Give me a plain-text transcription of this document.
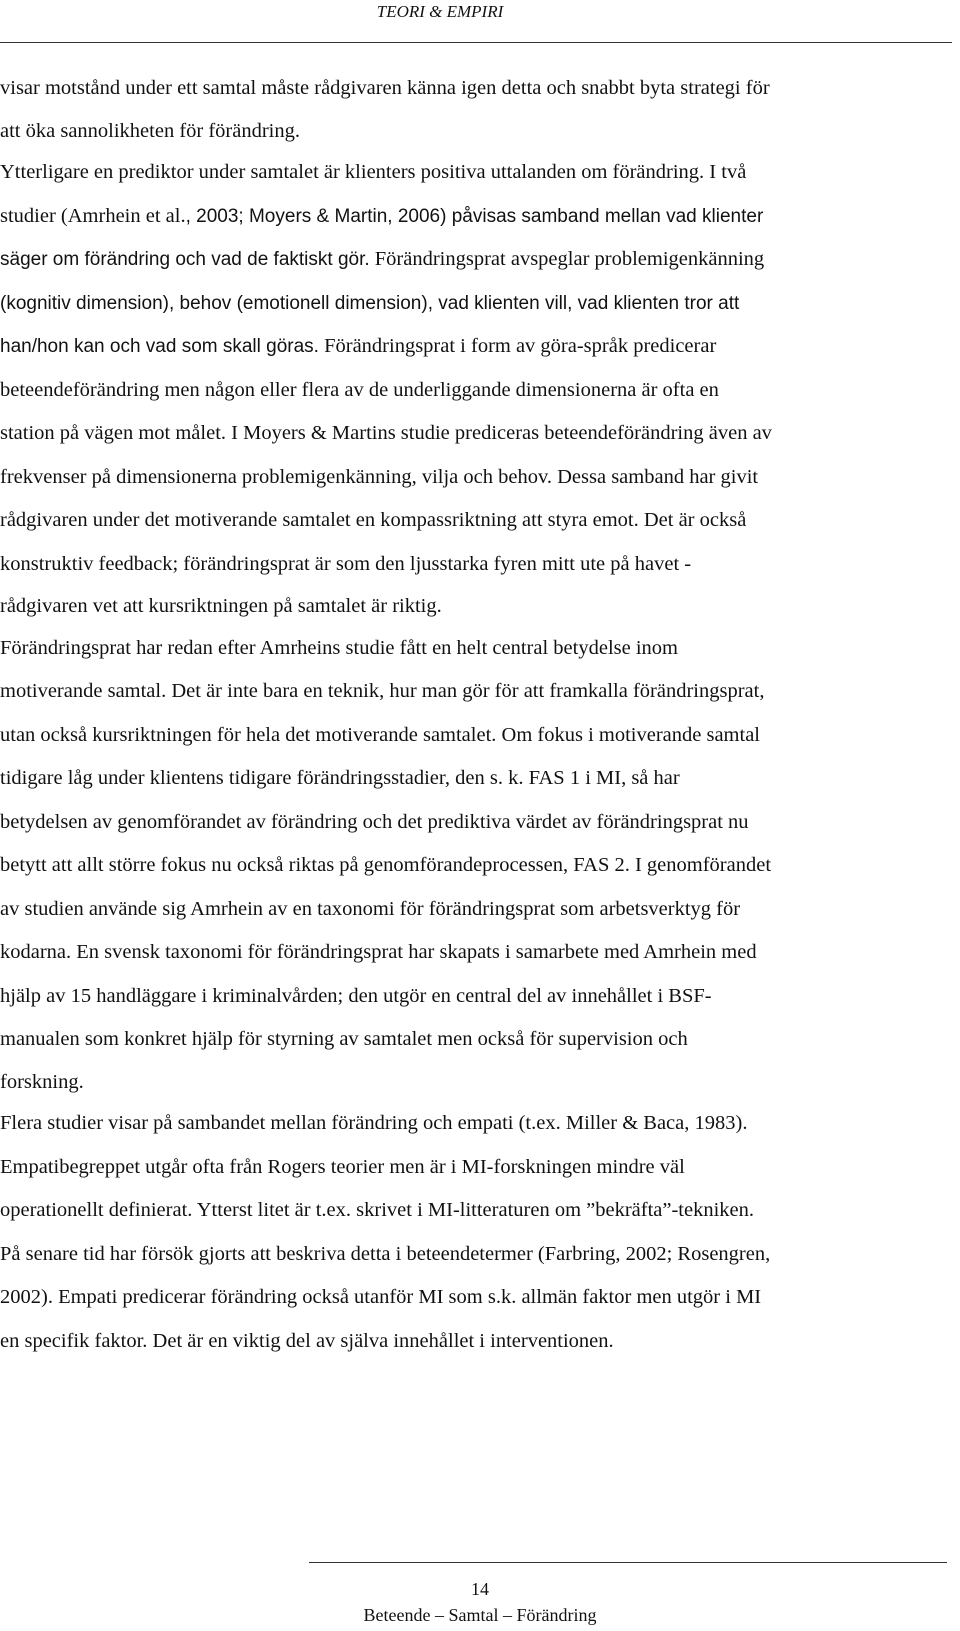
TEORI & EMPIRI
visar motstånd under ett samtal måste rådgivaren känna igen detta och snabbt byta strategi för
att öka sannolikheten för förändring.
Ytterligare en prediktor under samtalet är klienters positiva uttalanden om förändring. I två
studier (Amrhein et al., 2003; Moyers & Martin, 2006) påvisas samband mellan vad klienter
säger om förändring och vad de faktiskt gör. Förändringsprat avspeglar problemigenkänning
(kognitiv dimension), behov (emotionell dimension), vad klienten vill, vad klienten tror att
han/hon kan och vad som skall göras. Förändringsprat i form av göra-språk predicerar
beteendeförändring men någon eller flera av de underliggande dimensionerna är ofta en
station på vägen mot målet. I Moyers & Martins studie prediceras beteendeförändring även av
frekvenser på dimensionerna problemigenkänning, vilja och behov. Dessa samband har givit
rådgivaren under det motiverande samtalet en kompassriktning att styra emot. Det är också
konstruktiv feedback; förändringsprat är som den ljusstarka fyren mitt ute på havet -
rådgivaren vet att kursriktningen på samtalet är riktig.
Förändringsprat har redan efter Amrheins studie fått en helt central betydelse inom
motiverande samtal. Det är inte bara en teknik, hur man gör för att framkalla förändringsprat,
utan också kursriktningen för hela det motiverande samtalet. Om fokus i motiverande samtal
tidigare låg under klientens tidigare förändringsstadier, den s. k. FAS 1 i MI, så har
betydelsen av genomförandet av förändring och det prediktiva värdet av förändringsprat nu
betytt att allt större fokus nu också riktas på genomförandeprocessen, FAS 2. I genomförandet
av studien använde sig Amrhein av en taxonomi för förändringsprat som arbetsverktyg för
kodarna. En svensk taxonomi för förändringsprat har skapats i samarbete med Amrhein med
hjälp av 15 handläggare i kriminalvården; den utgör en central del av innehållet i BSF-
manualen som konkret hjälp för styrning av samtalet men också för supervision och
forskning.
Flera studier visar på sambandet mellan förändring och empati (t.ex. Miller & Baca, 1983).
Empatibegreppet utgår ofta från Rogers teorier men är i MI-forskningen mindre väl
operationellt definierat. Ytterst litet är t.ex. skrivet i MI-litteraturen om ”bekräfta”-tekniken.
På senare tid har försök gjorts att beskriva detta i beteendetermer (Farbring, 2002; Rosengren,
2002). Empati predicerar förändring också utanför MI som s.k. allmän faktor men utgör i MI
en specifik faktor. Det är en viktig del av själva innehållet i interventionen.
14
Beteende – Samtal – Förändring
